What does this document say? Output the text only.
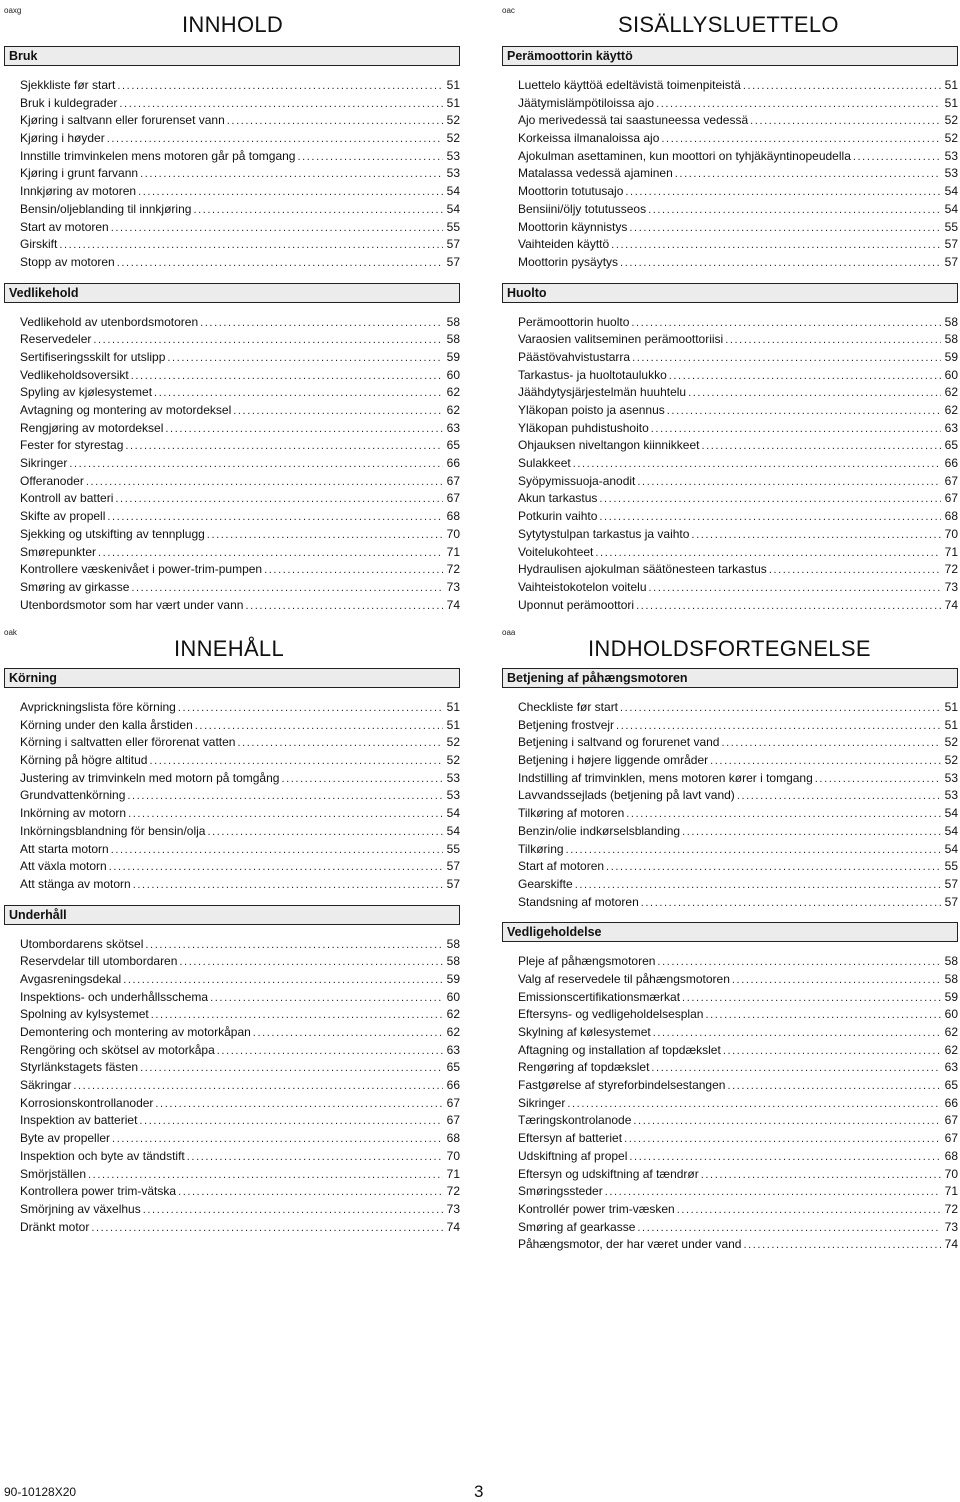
oaxg
INNHOLD
Bruk
Sjekkliste før start .....	51
Bruk i kuldegrader .....	51
Kjøring i saltvann eller forurenset vann .....	52
Kjøring i høyder .....	52
Innstille trimvinkelen mens motoren går på tomgang .....	53
Kjøring i grunt farvann .....	53
Innkjøring av motoren .....	54
Bensin/oljeblanding til innkjøring .....	54
Start av motoren .....	55
Girskift .....	57
Stopp av motoren .....	57
Vedlikehold
Vedlikehold av utenbordsmotoren .....	58
Reservedeler .....	58
Sertifiseringsskilt for utslipp .....	59
Vedlikeholdsoversikt .....	60
Spyling av kjølesystemet .....	62
Avtagning og montering av motordeksel .....	62
Rengjøring av motordeksel .....	63
Fester for styrestag .....	65
Sikringer .....	66
Offeranoder .....	67
Kontroll av batteri .....	67
Skifte av propell .....	68
Sjekking og utskifting av tennplugg .....	70
Smørepunkter .....	71
Kontrollere væskenivået i power-trim-pumpen .....	72
Smøring av girkasse .....	73
Utenbordsmotor som har vært under vann .....	74
oac
SISÄLLYSLUETTELO
Perämoottorin käyttö
Luettelo käyttöä edeltävistä toimenpiteistä .....	51
Jäätymislämpötiloissa ajo .....	51
Ajo merivedessä tai saastuneessa vedessä .....	52
Korkeissa ilmanaloissa ajo .....	52
Ajokulman asettaminen, kun moottori on tyhjäkäyntinopeudella .....	53
Matalassa vedessä ajaminen .....	53
Moottorin totutusajo .....	54
Bensiini/öljy totutusseos .....	54
Moottorin käynnistys .....	55
Vaihteiden käyttö .....	57
Moottorin pysäytys .....	57
Huolto
Perämoottorin huolto .....	58
Varaosien valitseminen perämoottoriisi .....	58
Päästövahvistustarra .....	59
Tarkastus- ja huoltotaulukko .....	60
Jäähdytysjärjestelmän huuhtelu .....	62
Yläkopan poisto ja asennus .....	62
Yläkopan puhdistushoito .....	63
Ohjauksen niveltangon kiinnikkeet .....	65
Sulakkeet .....	66
Syöpymissuoja-anodit .....	67
Akun tarkastus .....	67
Potkurin vaihto .....	68
Sytytystulpan tarkastus ja vaihto .....	70
Voitelukohteet .....	71
Hydraulisen ajokulman säätönesteen tarkastus .....	72
Vaihteistokotelon voitelu .....	73
Uponnut perämoottori .....	74
oak
INNEHÅLL
Körning
Avprickningslista före körning .....	51
Körning under den kalla årstiden .....	51
Körning i saltvatten eller förorenat vatten .....	52
Körning på högre altitud .....	52
Justering av trimvinkeln med motorn på tomgång .....	53
Grundvattenkörning .....	53
Inkörning av motorn .....	54
Inkörningsblandning för bensin/olja .....	54
Att starta motorn .....	55
Att växla motorn .....	57
Att stänga av motorn .....	57
Underhåll
Utombordarens skötsel .....	58
Reservdelar till utombordaren .....	58
Avgasreningsdekal .....	59
Inspektions- och underhållsschema .....	60
Spolning av kylsystemet .....	62
Demontering och montering av motorkåpan .....	62
Rengöring och skötsel av motorkåpa .....	63
Styrlänkstagets fästen .....	65
Säkringar .....	66
Korrosionskontrollanoder .....	67
Inspektion av batteriet .....	67
Byte av propeller .....	68
Inspektion och byte av tändstift .....	70
Smörjställen .....	71
Kontrollera power trim-vätska .....	72
Smörjning av växelhus .....	73
Dränkt motor .....	74
oaa
INDHOLDSFORTEGNELSE
Betjening af påhængsmotoren
Checkliste før start .....	51
Betjening frostvejr .....	51
Betjening i saltvand og forurenet vand .....	52
Betjening i højere liggende områder .....	52
Indstilling af trimvinklen, mens motoren kører i tomgang .....	53
Lavvandssejlads (betjening på lavt vand) .....	53
Tilkøring af motoren .....	54
Benzin/olie indkørselsblanding .....	54
Tilkøring .....	54
Start af motoren .....	55
Gearskifte .....	57
Standsning af motoren .....	57
Vedligeholdelse
Pleje af påhængsmotoren .....	58
Valg af reservedele til påhængsmotoren .....	58
Emissionscertifikationsmærkat .....	59
Eftersyns- og vedligeholdelsesplan .....	60
Skylning af kølesystemet .....	62
Aftagning og installation af topdækslet .....	62
Rengøring af topdækslet .....	63
Fastgørelse af styreforbindelsestangen .....	65
Sikringer .....	66
Tæringskontrolanode .....	67
Eftersyn af batteriet .....	67
Udskiftning af propel .....	68
Eftersyn og udskiftning af tændrør .....	70
Smøringssteder .....	71
Kontrollér power trim-væsken .....	72
Smøring af gearkasse .....	73
Påhængsmotor, der har været under vand .....	74
90-10128X20	3
